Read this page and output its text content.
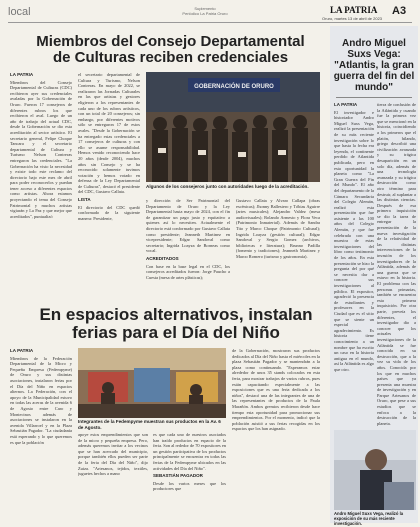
local	Suplemento
Periódico La Patria Oruro	LA PATRIA
Oruro, martes 13 de abril de 2023
A3
Miembros del Consejo Departamental de Culturas reciben credenciales
LA PATRIA

Miembros del Consejo Departamental de Culturas (CDC) recibieron ayer sus credenciales avaladas por la Gobernación de Oruro. Fueron 17 consejeros de diferentes rubros los que recibieron el aval. Luego de un año de trabajo del actual CDC, desde la Gobernación se dio esta acreditación al sector artístico. El secretario general, Felipe Choque Tancara y el secretario departamental de Cultura y Turismo Nelson Contreras entregaron las credenciales. "La Gobernación ha visto la necesidad y existe todo este reclamo del directorio bajo este mes de abril para poder reconocerlos y puedan tener acceso a diferentes espacios como artistas. Ahora estamos proyectando el tema del Consejo Patrimonial y muchos artistas vigiarán y La Paz y que mejor que acreditados", puntualizó

el secretario departamental de Cultura y Turismo, Nelson Contreras. En mayo de 2022, se realizaron las Jornadas Culturales en las que artistas y gestores eligieron a los representantes de cada uno de los rubros artísticos, con un total de 20 consejeros; sin embargo, por diferentes motivos sólo se entregaron 17 de estos avales. "Desde la Gobernación se ha entregado estas credenciales a 17 consejeros de culturas y con ello se asume responsabilidad. Hemos venido reconociendo hace 20 años (desde 2004), muchos años sin Consejo y se ha reconocido solamente tuvimos votación y hemos votado en defensa de la Ley Departamental de Culturas", destacó el presidente del CDC, Gustavo Callata.

LISTA

El directorio del CDC quedó conformado de la siguiente manera: Presidente,

GOBERNACIÓN DE ORURO
Algunos de los consejeros junto con autoridades luego de la acreditación.

y dirección de Ser Patrimonial del Departamento de Oruro y la Ley Departamental hasta mayo de 2024, con el fin de garantizar un pago justo y equitativo a quienes así lo necesiten. Actualmente el directorio está conformado por Gustavo Callata como presidente; Jeanneth Martinez en vicepresidente; Edgar Sandoval como secretario; Ingrida Loayza de Borneas como vocal.

ACREDITADOS

Con base en la base legal en el CDC, los consejeros acreditados fueron: Jorge Paucho a Cuesta (mesa de artes plásticas);

Gustavo Callata y Alvaro Callapa (obras escénicas); Jhonny Ballestero y Tóbias Aguirre (artes musicales); Alejandro Valdez (mesa audiovisuales); Rolando Armesto y Flora Veca (Patrimonio Inmaterial). Además de Sandra Tito y Marco Choque (Patrimonio Cultural); Ingrida Loayza (gestión cultural); Edgar Sandoval y Sergio Gomez (archivos, bibliotecas e literatura); Brunno Padilla (fomento y tradiciones); Jeanneth Martinez y Maroo Romero (turismo y gastronomía).

En espacios alternativos, instalan ferias para el Día del Niño
LA PATRIA

Miembros de la Federación Departamental de la Micro y Pequeña Empresa (Fedempyme) de Oruro y sus distintas asociaciones, instalaron ferias por el Día del Niño en espacios alternos. La Federación, con el apoyo de la Municipalidad estuvo en todas las aceras de la avenida 6 de Agosto entre Caro y Montecinos además de asociaciones se instalaron en la avenida Villarroel y en la Plaza Sebastián Pagador. "La ciudadanía está esperando y lo que queremos es que la población

Integrantes de la Fedempyme muestran sus productos en la Av. 6 de Agosto.

apoye estos emprendimientos que son de la micro y pequeña empresa. Pero, además queremos invitar a los vecinos que se han acercado del municipio, porque también ellos pueden ser parte de la feria del Día del Niño", dijo Zuiza. "Artesanos, tejidos, textiles, juguetes hechos a mano

es que cada uno de nuestros asociados han traído productos en espacio de la feria. Son al rededor de 70 expositores en un gestión participativa de los productos principalmente se encuentra en todas las ferias de la Fedempyme ubicados en las actividades del Día del Niño".

SEBASTIÁN PAGADOR

Desde los varios meses que los productores que

de la Gobernación, mostraron sus productos dedicados al Día del Niño hasta el miércoles en la plaza Sebastián Pagador y se mantendrán a la plaza como continuando. "Esperamos estar alrededor de unos 35 stands colocados en esta feria, para mostrar trabajos de varios rubros, pues están capacitando especialmente a las exposiciones que es una feria dedicada a los niños", destacó una de las integrantes de una de las representantes de productos de la Paula Marañón. Ambos gremios recibieron desde hace tiempo esta oportunidad para promocionar sus emprendimientos. Por el momento, indicó que la población asistió a sus ferias recogidas en los espacios que los han asignado.

Andro Miguel Suxs Vega: "Atlantis, la gran guerra del fin del mundo"
LA PATRIA

El investigador e historiador Andro Miguel Suxs Vega, realizó la presentación de su más reciente investigación sobre lo que hasta la fecha era leyenda, el continente perdido de Atlantida publicada, pero en esta oportunidad la planeta como "La Gran Guerra del Fin del Mundo". El año del departamento de la Cámara Secundaria del Colegio Alemán, realizó esta presentación que fue asistente a las 100 años del Colegio Alemán, y que fue celebrada con una muestra de estas investigaciones del libro como testimonio de los años. En esta presentación se hizo la pregunta del por qué se necesita dar a conocer sus investigaciones al público. El expositor, agradeció la presencia de estudiantes y profesores en la Ciudad que es el sitio que se siente un especial agradecimiento. Es historia tiene conocimiento a un nombre que ha escrito un caso en la historia antigua en el mundo, así la Atlántida es algo que otro.

tierra de confusión de la Atlántida y cuando fue la primera vez que se mencionó en la historia, coincidiendo a los primeros que el platón, hilando, griego describió una civilización avanzada y su trágica desaparición en un solo día, además de una tecnología avanzada y su trágica destrucción como otro término para destruir, al suplantar a las distintas ciencias. Después de esa primera inquisición se dio la tarea de entregar la presentación de la nueva investigación de la relatividad de las distintas intervenciones de la invasión de los investigadores de la Atlántida, además de una guerra que se estuvo en la historia. El problema con las personas primarias, también se encuentra esta primera inquisición. Por otra parte, preveía los diferentes, el investigador dio a conocer que los actuales investigaciones de la Atlántida se fue conocida en su destrucción, que a la vez su vida de los años. Conocida por los que en muchos países que ya presenta una muestra de investigación y en Parque Artesanos de Oruro, que pese a sus estudios que se enfoca a la destrucción de la planeta.

Andro Miguel Suxs Vega, realizó la exposición de su más reciente investigación.
